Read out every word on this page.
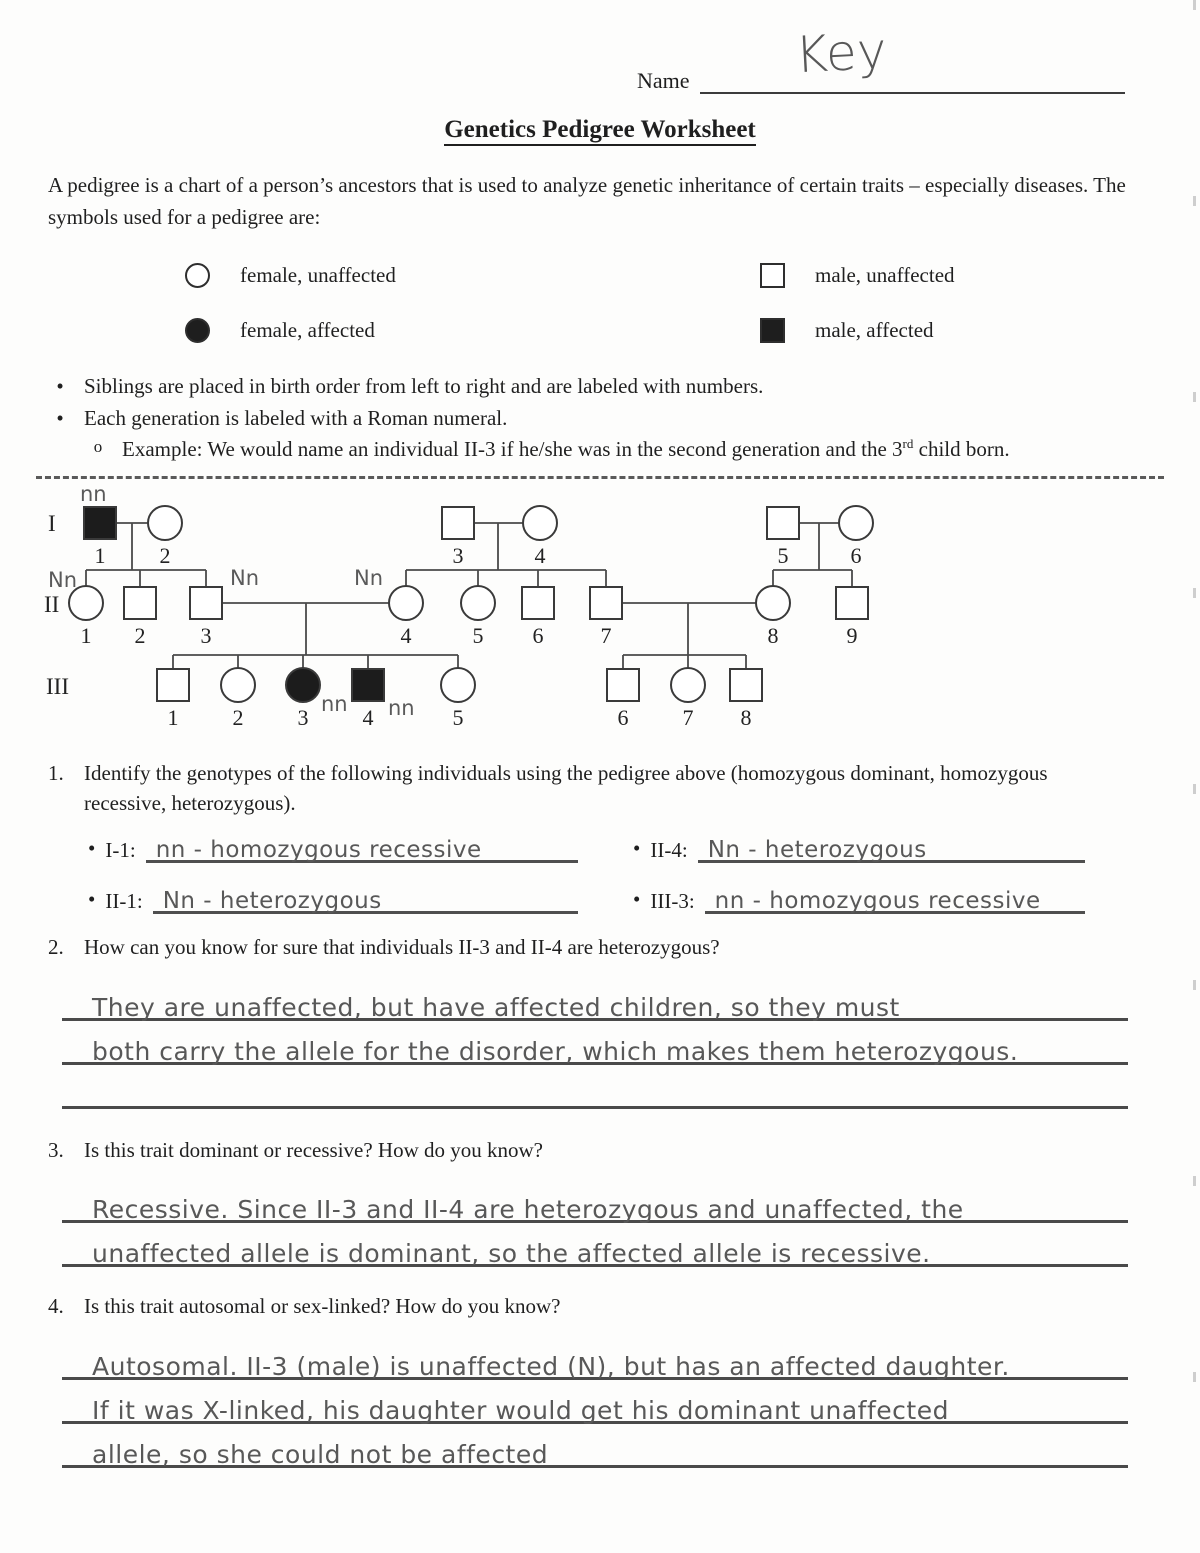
Name Key
Genetics Pedigree Worksheet

A pedigree is a chart of a person’s ancestors that is used to analyze genetic inheritance of certain traits – especially diseases. The symbols used for a pedigree are:

female, unaffected	male, unaffected
female, affected	male, affected
• Siblings are placed in birth order from left to right and are labeled with numbers.
• Each generation is labeled with a Roman numeral.
o Example: We would name an individual II-3 if he/she was in the second generation and the 3rd child born.
1 2	3	4	5	6
1 2	3	4	5 6	7	8	9
1 2 3 4	5	6 7 8
I
II
III
nn
Nn	Nn	Nn
nn nn
1. Identify the genotypes of the following individuals using the pedigree above (homozygous dominant, homozygous recessive, heterozygous).
• I-1: nn - homozygous recessive	• II-4: Nn - heterozygous
• II-1: Nn - heterozygous	• III-3: nn - homozygous recessive
2. How can you know for sure that individuals II-3 and II-4 are heterozygous?
They are unaffected, but have affected children, so they must
both carry the allele for the disorder, which makes them heterozygous.
3. Is this trait dominant or recessive? How do you know?
Recessive. Since II-3 and II-4 are heterozygous and unaffected, the
unaffected allele is dominant, so the affected allele is recessive.
4. Is this trait autosomal or sex-linked? How do you know?
Autosomal. II-3 (male) is unaffected (N), but has an affected daughter.
If it was X-linked, his daughter would get his dominant unaffected
allele, so she could not be affected
